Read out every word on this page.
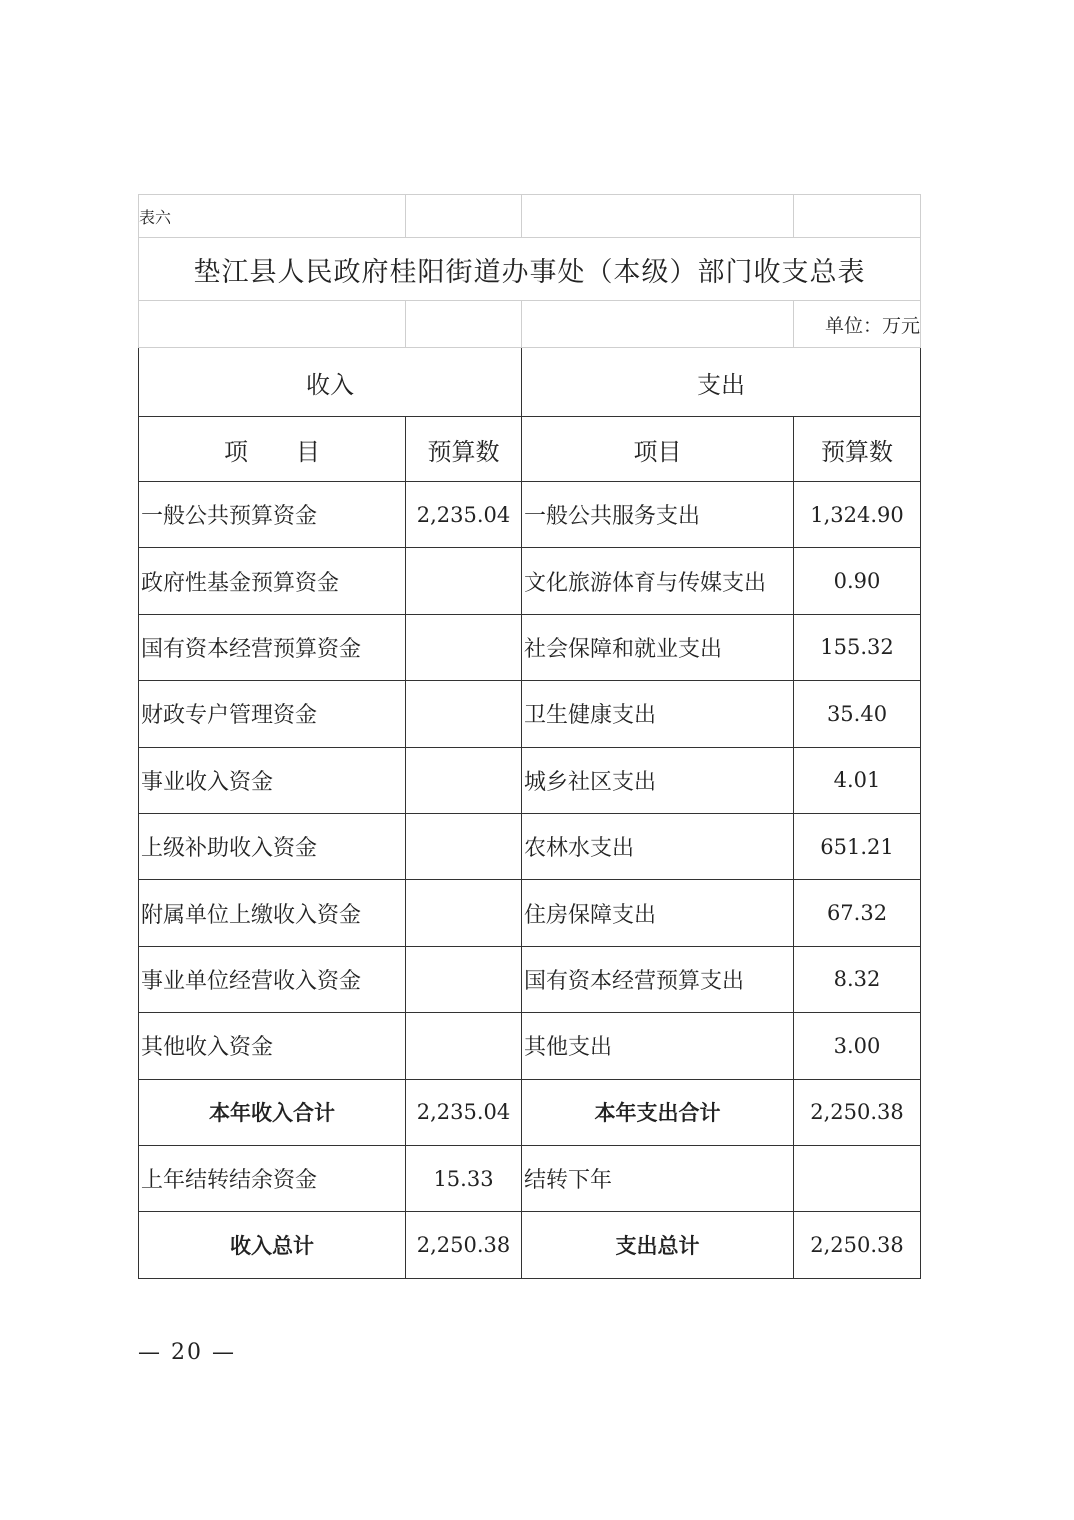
表六			
垫江县人民政府桂阳街道办事处（本级）部门收支总表			
			单位：万元
收入		支出	
项　　目	预算数	项目	预算数
一般公共预算资金	2,235.04	一般公共服务支出	1,324.90
政府性基金预算资金		文化旅游体育与传媒支出	0.90
国有资本经营预算资金		社会保障和就业支出	155.32
财政专户管理资金		卫生健康支出	35.40
事业收入资金		城乡社区支出	4.01
上级补助收入资金		农林水支出	651.21
附属单位上缴收入资金		住房保障支出	67.32
事业单位经营收入资金		国有资本经营预算支出	8.32
其他收入资金		其他支出	3.00
本年收入合计	2,235.04	本年支出合计	2,250.38
上年结转结余资金	15.33	结转下年	
收入总计	2,250.38	支出总计	2,250.38
— 20 —
